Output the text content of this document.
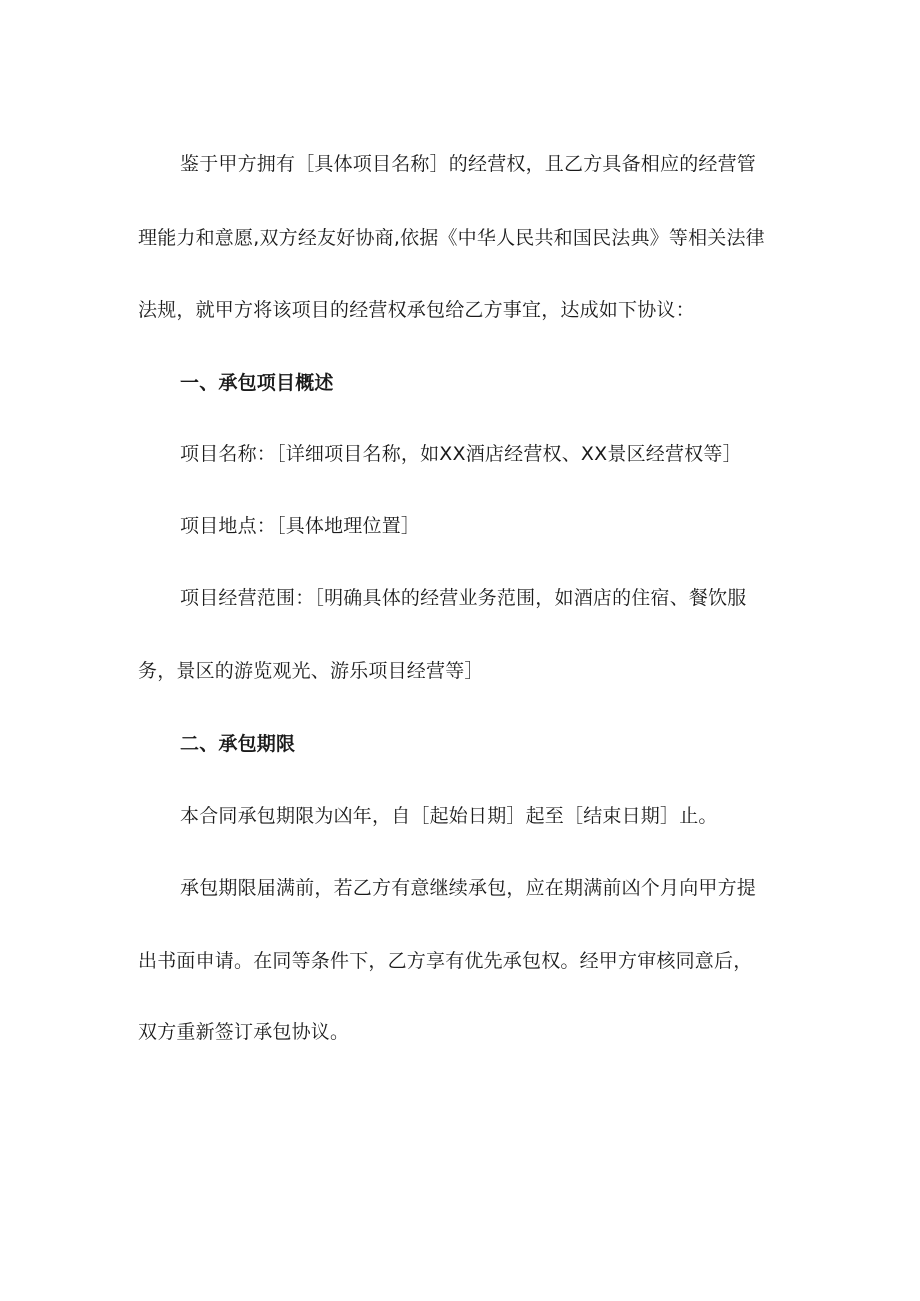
鉴于甲方拥有［具体项目名称］的经营权，且乙方具备相应的经营管
理能力和意愿,双方经友好协商,依据《中华人民共和国民法典》等相关法律
法规，就甲方将该项目的经营权承包给乙方事宜，达成如下协议：
一、承包项目概述
项目名称：［详细项目名称，如XX酒店经营权、XX景区经营权等］
项目地点：［具体地理位置］
项目经营范围：［明确具体的经营业务范围，如酒店的住宿、餐饮服
务，景区的游览观光、游乐项目经营等］
二、承包期限
本合同承包期限为凶年，自［起始日期］起至［结束日期］止。
承包期限届满前，若乙方有意继续承包，应在期满前凶个月向甲方提
出书面申请。在同等条件下，乙方享有优先承包权。经甲方审核同意后，
双方重新签订承包协议。
